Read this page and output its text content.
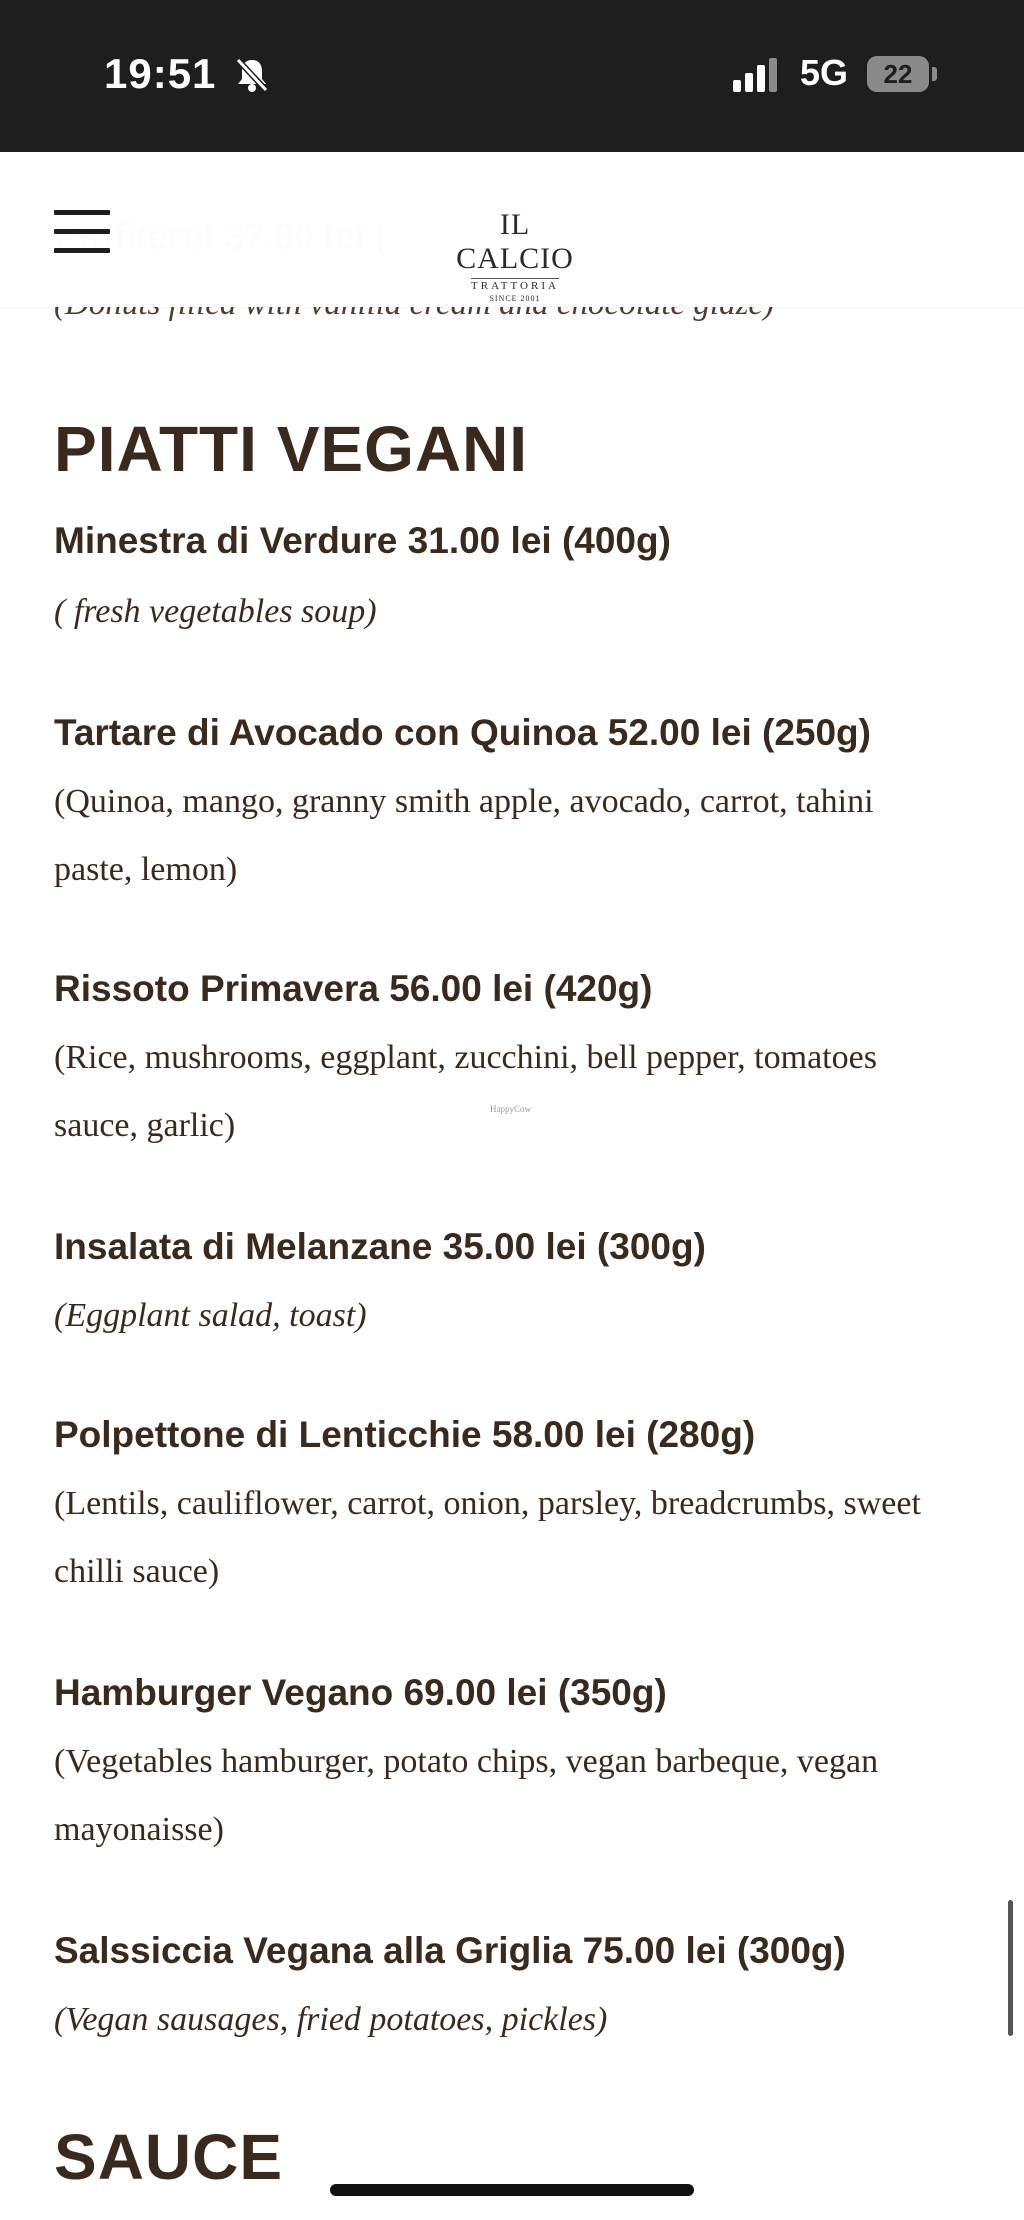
19:51	5G	22
IL CALCIO
TRATTORIA
SINCE 2001
PIATTI VEGANI
Minestra di Verdure 31.00 lei (400g)
( fresh vegetables soup)
Tartare di Avocado con Quinoa 52.00 lei (250g)
(Quinoa, mango, granny smith apple, avocado, carrot, tahini paste, lemon)
Rissoto Primavera 56.00 lei (420g)
(Rice, mushrooms, eggplant, zucchini, bell pepper, tomatoes sauce, garlic)	HappyCow
Insalata di Melanzane 35.00 lei (300g)
(Eggplant salad, toast)
Polpettone di Lenticchie 58.00 lei (280g)
(Lentils, cauliflower, carrot, onion, parsley, breadcrumbs, sweet chilli sauce)
Hamburger Vegano 69.00 lei (350g)
(Vegetables hamburger, potato chips, vegan barbeque, vegan mayonaisse)
Salssiccia Vegana alla Griglia 75.00 lei (300g)
(Vegan sausages, fried potatoes, pickles)
SAUCE
